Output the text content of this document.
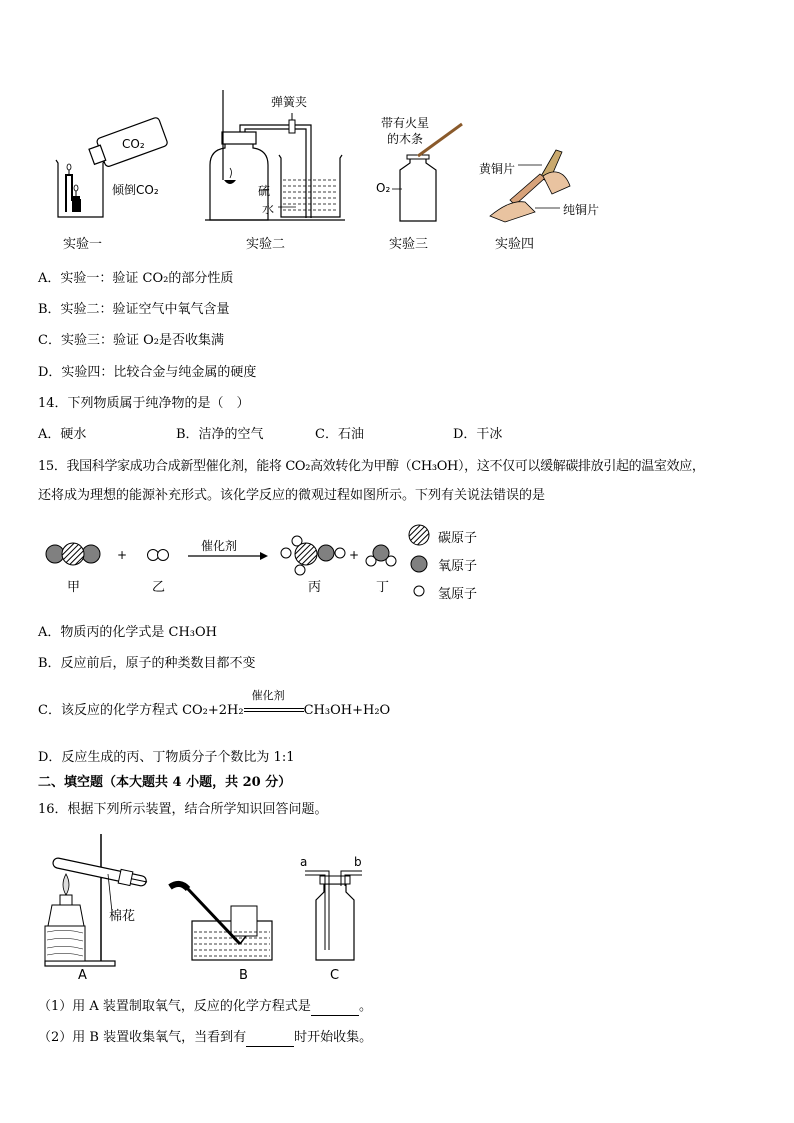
CO₂
倾倒CO₂
弹簧夹
硫
水
带有火星
的木条
O₂
黄铜片
纯铜片
实验一	实验二	实验三	实验四
A．实验一：验证 CO₂的部分性质
B．实验二：验证空气中氧气含量
C．实验三：验证 O₂是否收集满
D．实验四：比较合金与纯金属的硬度
14．下列物质属于纯净物的是（　）
A．硬水	B．洁净的空气	C．石油	D．干冰
15．我国科学家成功合成新型催化剂，能将 CO₂高效转化为甲醇（CH₃OH），这不仅可以缓解碳排放引起的温室效应，
还将成为理想的能源补充形式。该化学反应的微观过程如图所示。下列有关说法错误的是
催化剂
+	+
甲	乙	丙	丁
碳原子
氧原子
氢原子
A．物质丙的化学式是 CH₃OH
B．反应前后，原子的种类数目都不变
C．该反应的化学方程式 CO₂+2H₂
催化剂
CH₃OH+H₂O
D．反应生成的丙、丁物质分子个数比为 1:1
二、填空题（本大题共 4 小题，共 20 分）
16．根据下列所示装置，结合所学知识回答问题。
棉花
a	b
A	B	C
（1）用 A 装置制取氧气，反应的化学方程式是	。
（2）用 B 装置收集氧气，当看到有	时开始收集。
